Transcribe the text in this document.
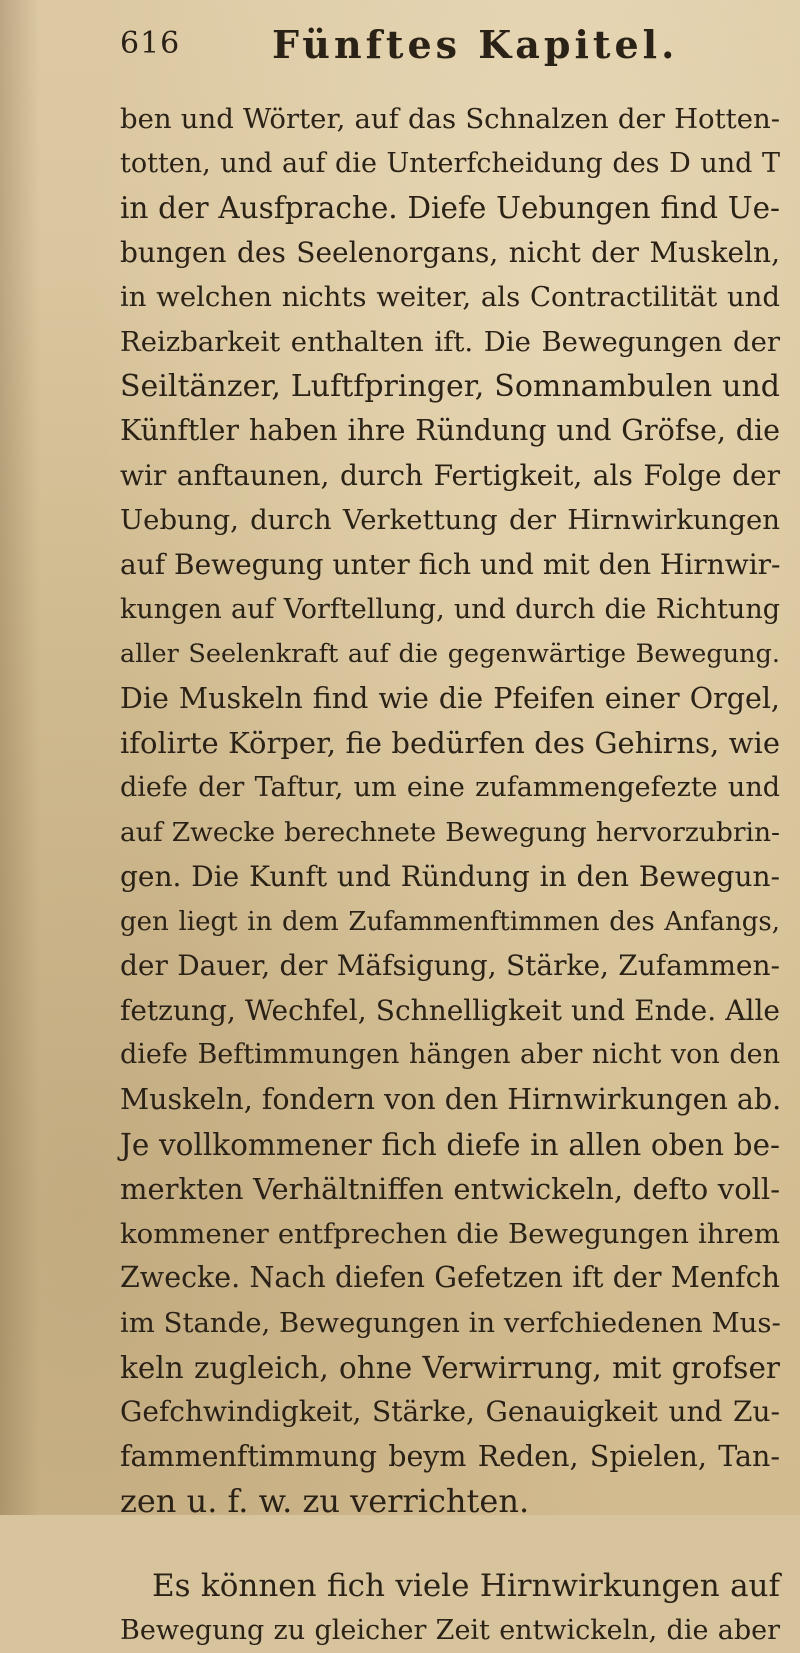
616 Fünftes Kapitel.
ben und Wörter, auf das Schnalzen der Hotten-
totten, und auf die Unterfcheidung des D und T
in der Ausfprache. Diefe Uebungen find Ue-
bungen des Seelenorgans, nicht der Muskeln,
in welchen nichts weiter, als Contractilität und
Reizbarkeit enthalten ift. Die Bewegungen der
Seiltänzer, Luftfpringer, Somnambulen und
Künftler haben ihre Ründung und Gröfse, die
wir anftaunen, durch Fertigkeit, als Folge der
Uebung, durch Verkettung der Hirnwirkungen
auf Bewegung unter fich und mit den Hirnwir-
kungen auf Vorftellung, und durch die Richtung
aller Seelenkraft auf die gegenwärtige Bewegung.
Die Muskeln find wie die Pfeifen einer Orgel,
ifolirte Körper, fie bedürfen des Gehirns, wie
diefe der Taftur, um eine zufammengefezte und
auf Zwecke berechnete Bewegung hervorzubrin-
gen. Die Kunft und Ründung in den Bewegun-
gen liegt in dem Zufammenftimmen des Anfangs,
der Dauer, der Mäfsigung, Stärke, Zufammen-
fetzung, Wechfel, Schnelligkeit und Ende. Alle
diefe Beftimmungen hängen aber nicht von den
Muskeln, fondern von den Hirnwirkungen ab.
Je vollkommener fich diefe in allen oben be-
merkten Verhältniffen entwickeln, defto voll-
kommener entfprechen die Bewegungen ihrem
Zwecke. Nach diefen Gefetzen ift der Menfch
im Stande, Bewegungen in verfchiedenen Mus-
keln zugleich, ohne Verwirrung, mit grofser
Gefchwindigkeit, Stärke, Genauigkeit und Zu-
fammenftimmung beym Reden, Spielen, Tan-
zen u. f. w. zu verrichten.
Es können fich viele Hirnwirkungen auf
Bewegung zu gleicher Zeit entwickeln, die aber
